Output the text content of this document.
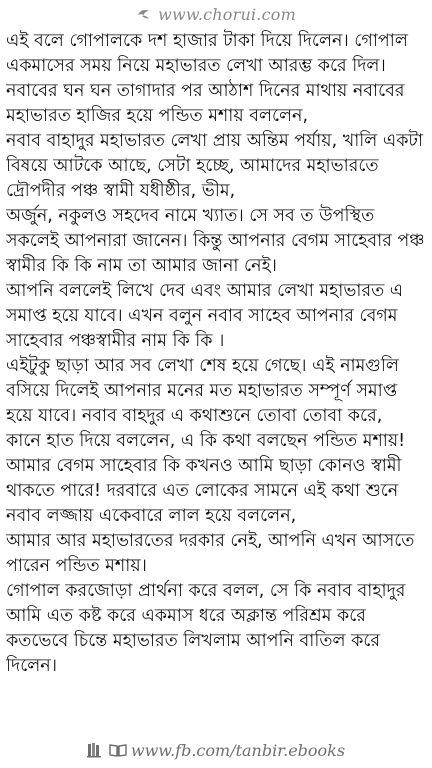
www.chorui.com
এই বলে গোপালকে দশ হাজার টাকা দিয়ে দিলেন। গোপাল
একমাসের সময় নিয়ে মহাভারত লেখা আরম্ভ করে দিল।
নবাবের ঘন ঘন তাগাদার পর আঠাশ দিনের মাথায় নবাবের
মহাভারত হাজির হয়ে পন্ডিত মশায় বললেন,
নবাব বাহাদুর মহাভারত লেখা প্রায় অন্তিম পর্যায়, খালি একটা
বিষয়ে আটকে আছে, সেটা হচ্ছে, আমাদের মহাভারতে
দ্রৌপদীর পঞ্চ স্বামী যধীষ্ঠীর, ভীম,
অর্জুন, নকুল‌ও সহদেব নামে খ্যাত। সে সব ত উপস্থিত
সকলেই আপনারা জানেন। কিন্তু আপনার বেগম সাহেবার পঞ্চ
স্বামীর কি কি নাম তা আমার জানা নেই।
আপনি বললেই লিখে দেব এবং আমার লেখা মহাভারত এ
সমাপ্ত হয়ে যাবে। এখন বলুন নবাব সাহেব আপনার বেগম
সাহেবার পঞ্চস্বামীর নাম কি কি ।
এইটুকু ছাড়া আর সব লেখা শেষ হয়ে গেছে। এই নামগুলি
বসিয়ে দিলেই আপনার মনের মত মহাভারত সম্পূর্ণ সমাপ্ত
হয়ে যাবে। নবাব বাহদুর এ কথাশুনে তোবা তোবা করে,
কানে হাত দিয়ে বললেন, এ কি কথা বলছেন পন্ডিত মশায়!
আমার বেগম সাহেবার কি কখনও আমি ছাড়া কোনও স্বামী
থাকতে পারে! দরবারে এত লোকের সামনে এই কথা শুনে
নবাব লজ্জায় একেবারে লাল হয়ে বললেন,
আমার আর মহাভারতের দরকার নেই, আপনি এখন আসতে
পারেন পন্ডিত মশায়।
গোপাল করজোড়া প্রার্থনা করে বলল, সে কি নবাব বাহাদুর
আমি এত কষ্ট করে একমাস ধরে অক্লান্ত পরিশ্রম করে
কতভেবে চিন্তে মহাভারত লিখলাম আপনি বাতিল করে
দিলেন।
www.fb.com/tanbir.ebooks
